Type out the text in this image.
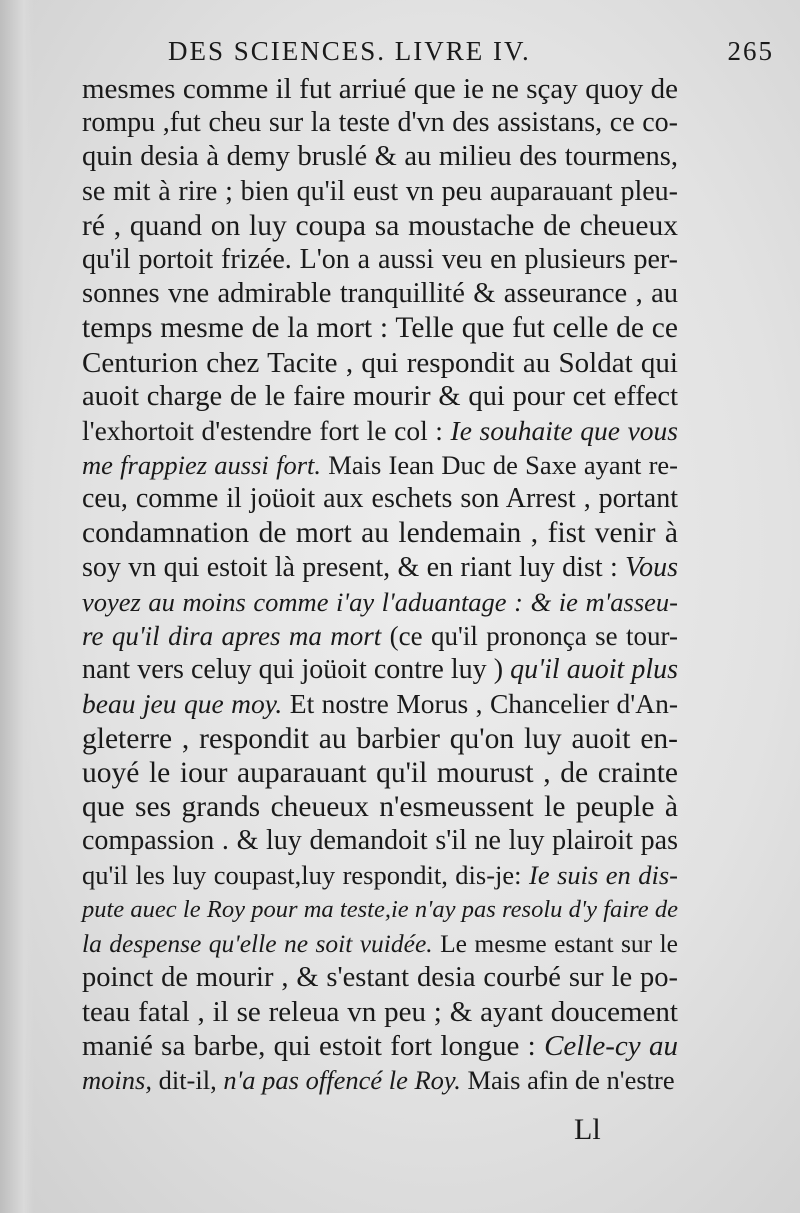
DES SCIENCES. LIVRE IV.	265
mesmes comme il fut arriué que ie ne sçay quoy de
rompu ,fut cheu sur la teste d'vn des assistans, ce co-
quin desia à demy bruslé & au milieu des tourmens,
se mit à rire ; bien qu'il eust vn peu auparauant pleu-
ré , quand on luy coupa sa moustache de cheueux
qu'il portoit frizée. L'on a aussi veu en plusieurs per-
sonnes vne admirable tranquillité & asseurance , au
temps mesme de la mort : Telle que fut celle de ce
Centurion chez Tacite , qui respondit au Soldat qui
auoit charge de le faire mourir & qui pour cet effect
l'exhortoit d'estendre fort le col : Ie souhaite que vous
me frappiez aussi fort. Mais Iean Duc de Saxe ayant re-
ceu, comme il joüoit aux eschets son Arrest , portant
condamnation de mort au lendemain , fist venir à
soy vn qui estoit là present, & en riant luy dist : Vous
voyez au moins comme i'ay l'aduantage : & ie m'asseu-
re qu'il dira apres ma mort (ce qu'il prononça se tour-
nant vers celuy qui joüoit contre luy ) qu'il auoit plus
beau jeu que moy. Et nostre Morus , Chancelier d'An-
gleterre , respondit au barbier qu'on luy auoit en-
uoyé le iour auparauant qu'il mourust , de crainte
que ses grands cheueux n'esmeussent le peuple à
compassion . & luy demandoit s'il ne luy plairoit pas
qu'il les luy coupast,luy respondit, dis-je: Ie suis en dis-
pute auec le Roy pour ma teste,ie n'ay pas resolu d'y faire de
la despense qu'elle ne soit vuidée. Le mesme estant sur le
poinct de mourir , & s'estant desia courbé sur le po-
teau fatal , il se releua vn peu ; & ayant doucement
manié sa barbe, qui estoit fort longue : Celle-cy au
moins, dit-il, n'a pas offencé le Roy. Mais afin de n'estre
Ll
